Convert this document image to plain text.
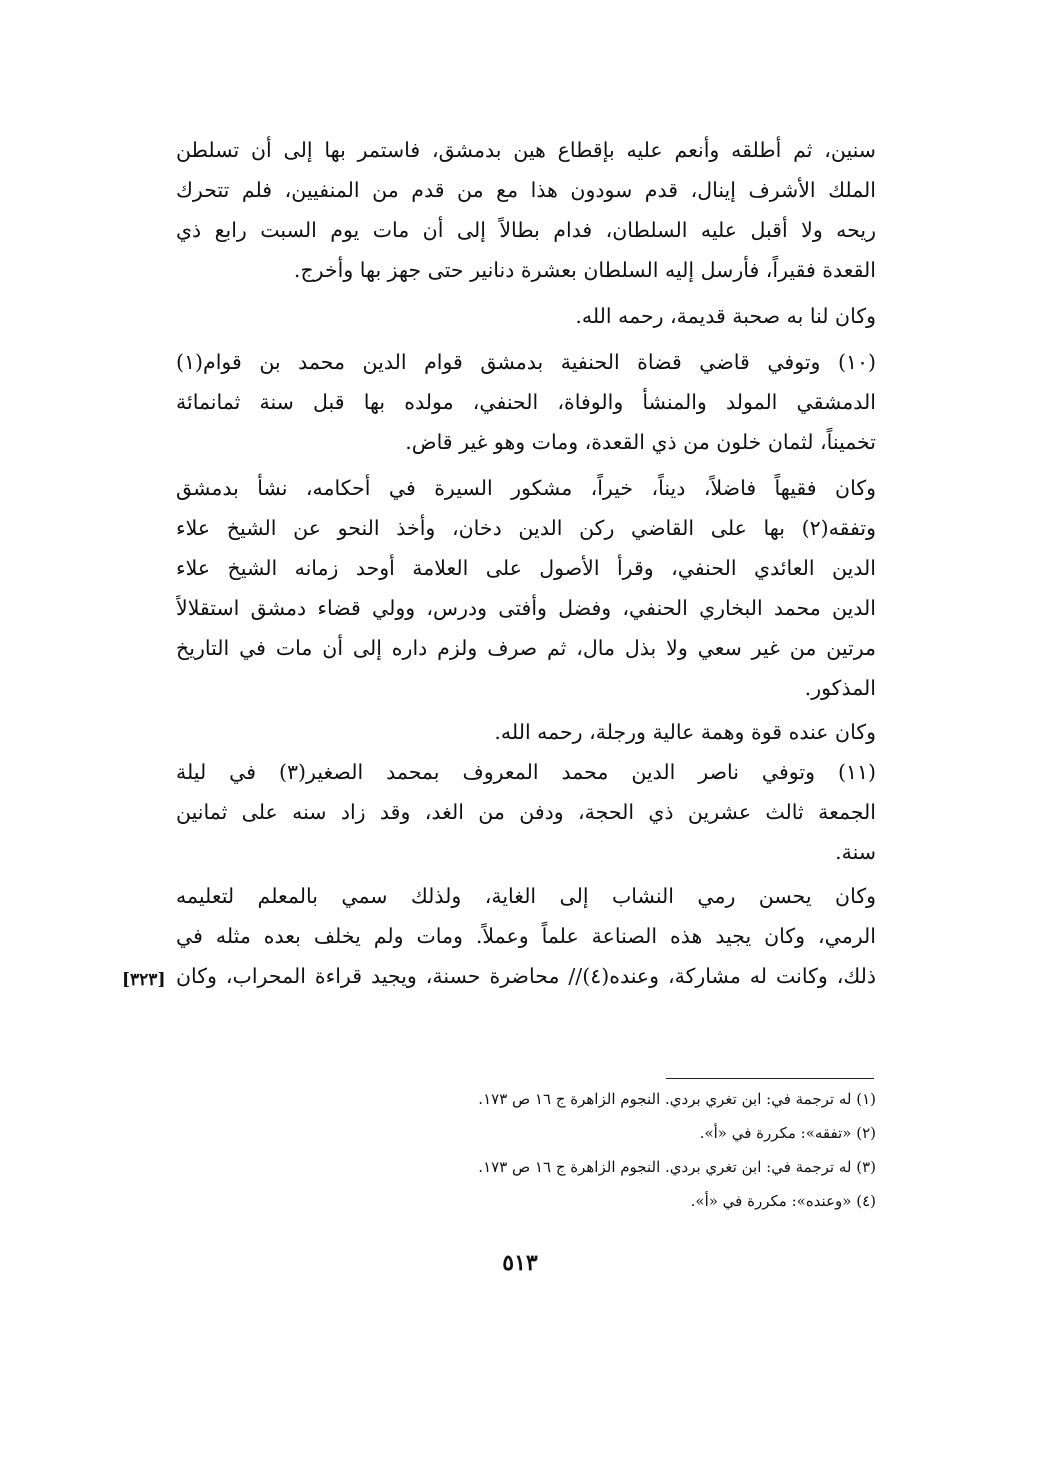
سنين، ثم أطلقه وأنعم عليه بإقطاع هين بدمشق، فاستمر بها إلى أن تسلطن
الملك الأشرف إينال، قدم سودون هذا مع من قدم من المنفيين، فلم تتحرك
ريحه ولا أقبل عليه السلطان، فدام بطالاً إلى أن مات يوم السبت رابع ذي
القعدة فقيراً، فأرسل إليه السلطان بعشرة دنانير حتى جهز بها وأخرج.
وكان لنا به صحبة قديمة، رحمه الله.
(١٠) وتوفي قاضي قضاة الحنفية بدمشق قوام الدين محمد بن قوام(١)
الدمشقي المولد والمنشأ والوفاة، الحنفي، مولده بها قبل سنة ثمانمائة
تخميناً، لثمان خلون من ذي القعدة، ومات وهو غير قاض.
وكان فقيهاً فاضلاً، ديناً، خيراً، مشكور السيرة في أحكامه، نشأ بدمشق
وتفقه(٢) بها على القاضي ركن الدين دخان، وأخذ النحو عن الشيخ علاء
الدين العائدي الحنفي، وقرأ الأصول على العلامة أوحد زمانه الشيخ علاء
الدين محمد البخاري الحنفي، وفضل وأفتى ودرس، وولي قضاء دمشق استقلالاً
مرتين من غير سعي ولا بذل مال، ثم صرف ولزم داره إلى أن مات في التاريخ
المذكور.
وكان عنده قوة وهمة عالية ورجلة، رحمه الله.
(١١) وتوفي ناصر الدين محمد المعروف بمحمد الصغير(٣) في ليلة
الجمعة ثالث عشرين ذي الحجة، ودفن من الغد، وقد زاد سنه على ثمانين
سنة.
وكان يحسن رمي النشاب إلى الغاية، ولذلك سمي بالمعلم لتعليمه
الرمي، وكان يجيد هذه الصناعة علماً وعملاً. ومات ولم يخلف بعده مثله في
ذلك، وكانت له مشاركة، وعنده(٤)// محاضرة حسنة، ويجيد قراءة المحراب، وكان
[٣٢٣]
(١) له ترجمة في: ابن تغري بردي. النجوم الزاهرة ج ١٦ ص ١٧٣.
(٢) «تفقه»: مكررة في «أ».
(٣) له ترجمة في: ابن تغري بردي. النجوم الزاهرة ج ١٦ ص ١٧٣.
(٤) «وعنده»: مكررة في «أ».
٥١٣
